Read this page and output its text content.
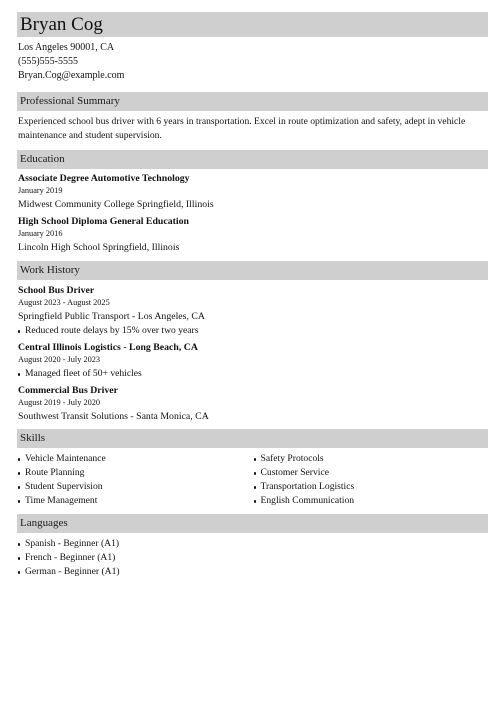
Bryan Cog
Los Angeles 90001, CA
(555)555-5555
Bryan.Cog@example.com
Professional Summary
Experienced school bus driver with 6 years in transportation. Excel in route optimization and safety, adept in vehicle maintenance and student supervision.
Education
Associate Degree Automotive Technology
January 2019
Midwest Community College Springfield, Illinois
High School Diploma General Education
January 2016
Lincoln High School Springfield, Illinois
Work History
School Bus Driver
August 2023 - August 2025
Springfield Public Transport - Los Angeles, CA
Reduced route delays by 15% over two years
Central Illinois Logistics - Long Beach, CA
August 2020 - July 2023
Managed fleet of 50+ vehicles
Commercial Bus Driver
August 2019 - July 2020
Southwest Transit Solutions - Santa Monica, CA
Skills
Vehicle Maintenance
Route Planning
Student Supervision
Time Management
Safety Protocols
Customer Service
Transportation Logistics
English Communication
Languages
Spanish - Beginner (A1)
French - Beginner (A1)
German - Beginner (A1)
